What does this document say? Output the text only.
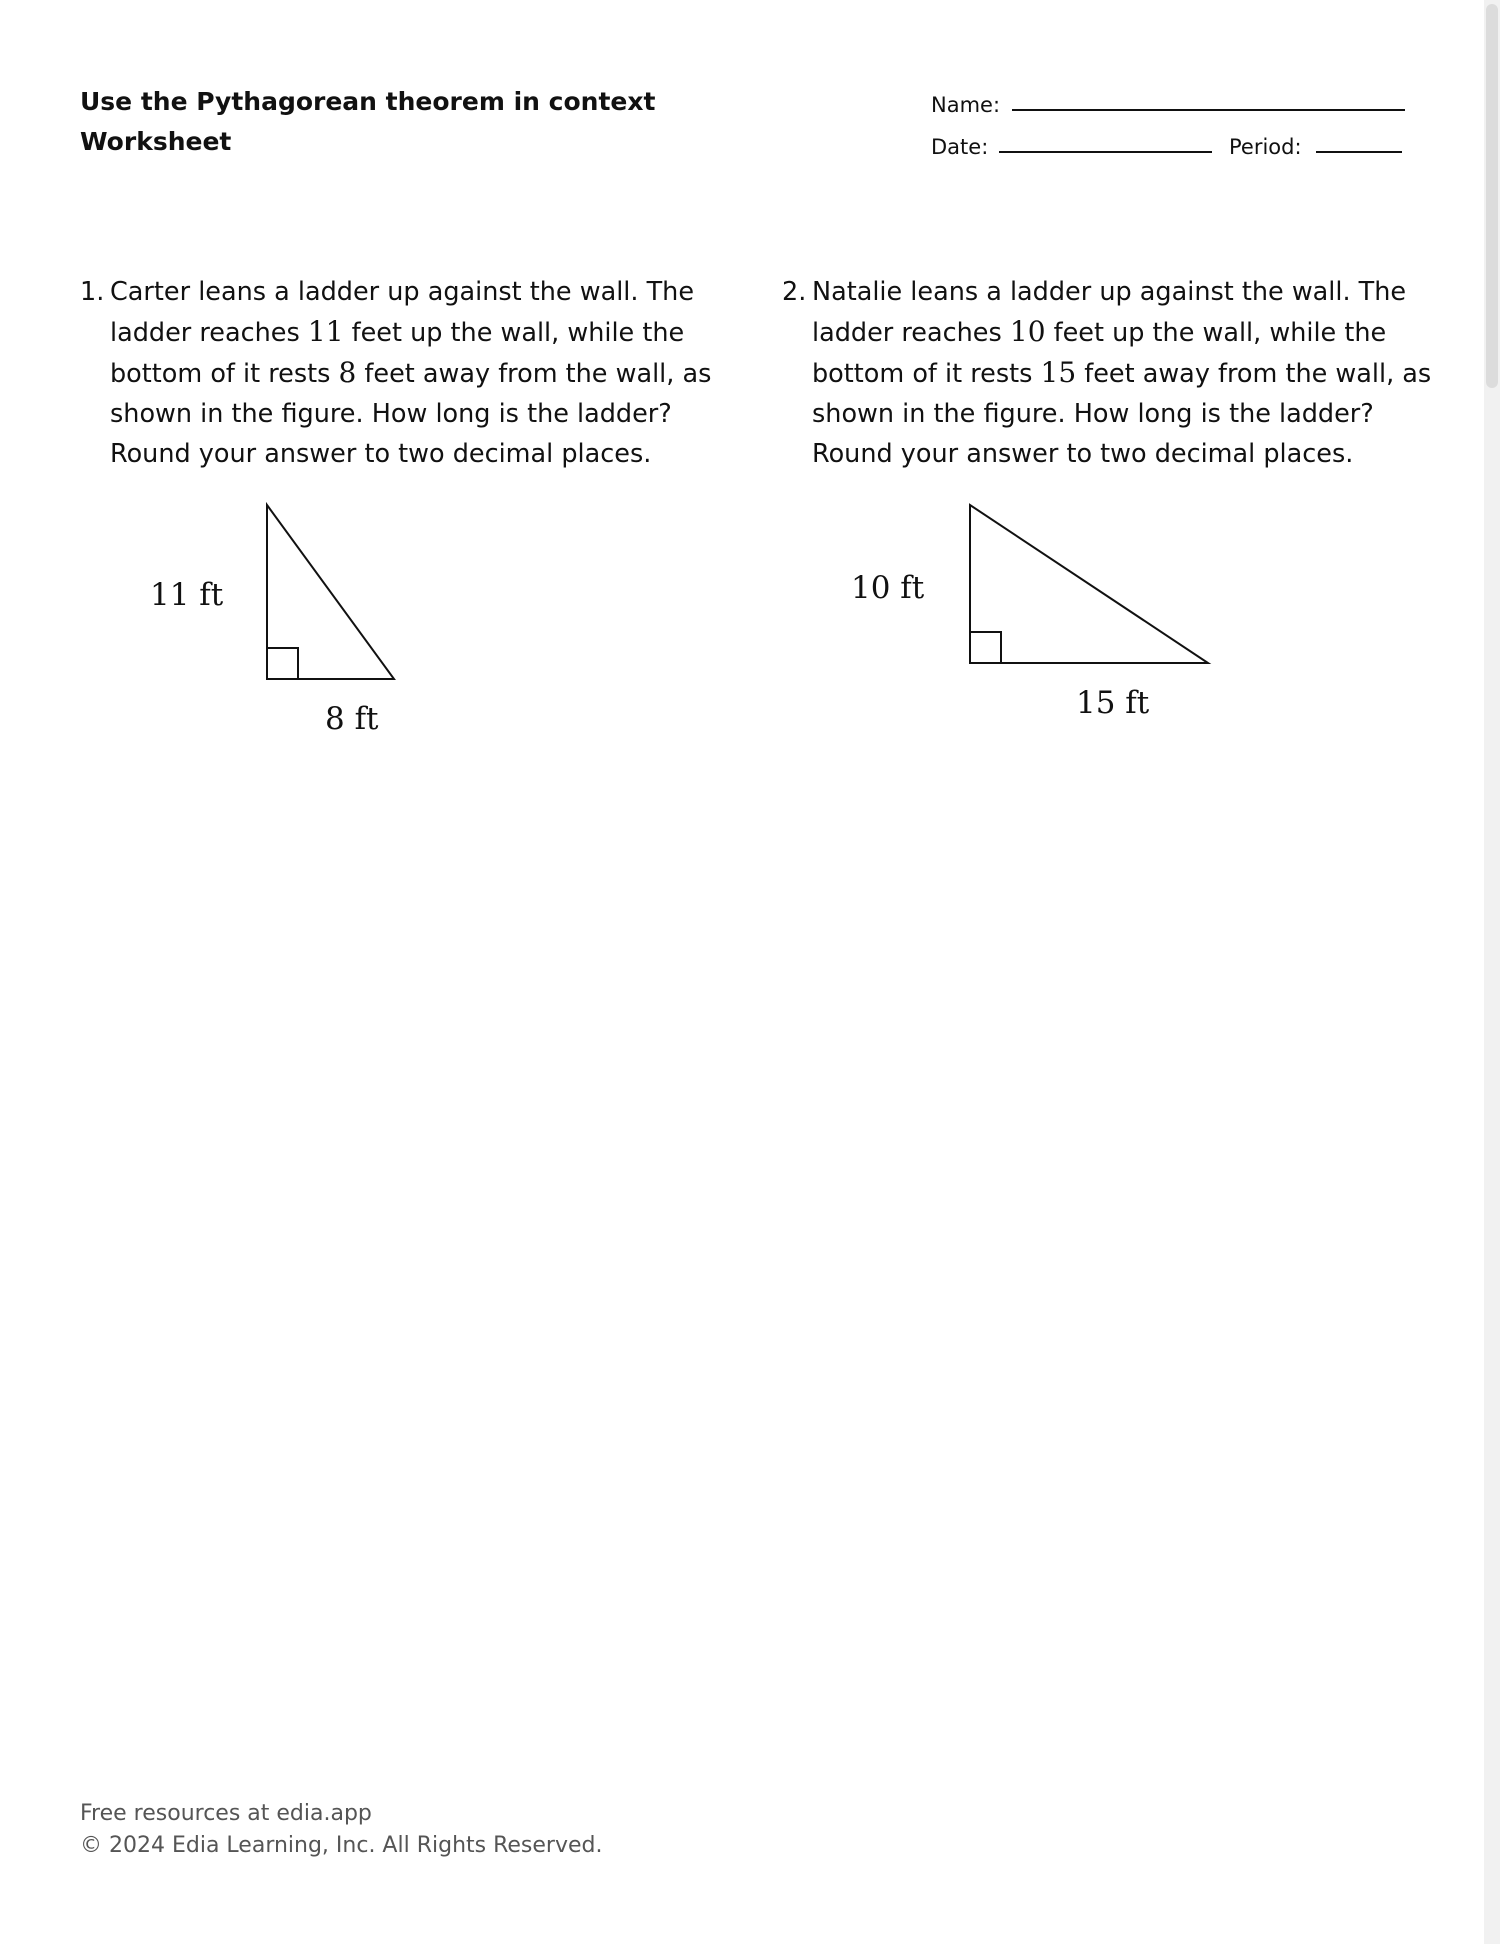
Use the Pythagorean theorem in context
Worksheet
Name:
Date:	Period:
1. Carter leans a ladder up against the wall. The
ladder reaches 11 feet up the wall, while the
bottom of it rests 8 feet away from the wall, as
shown in the figure. How long is the ladder?
Round your answer to two decimal places.
11 ft
8 ft
2. Natalie leans a ladder up against the wall. The
ladder reaches 10 feet up the wall, while the
bottom of it rests 15 feet away from the wall, as
shown in the figure. How long is the ladder?
Round your answer to two decimal places.
10 ft
15 ft
Free resources at edia.app
© 2024 Edia Learning, Inc. All Rights Reserved.
